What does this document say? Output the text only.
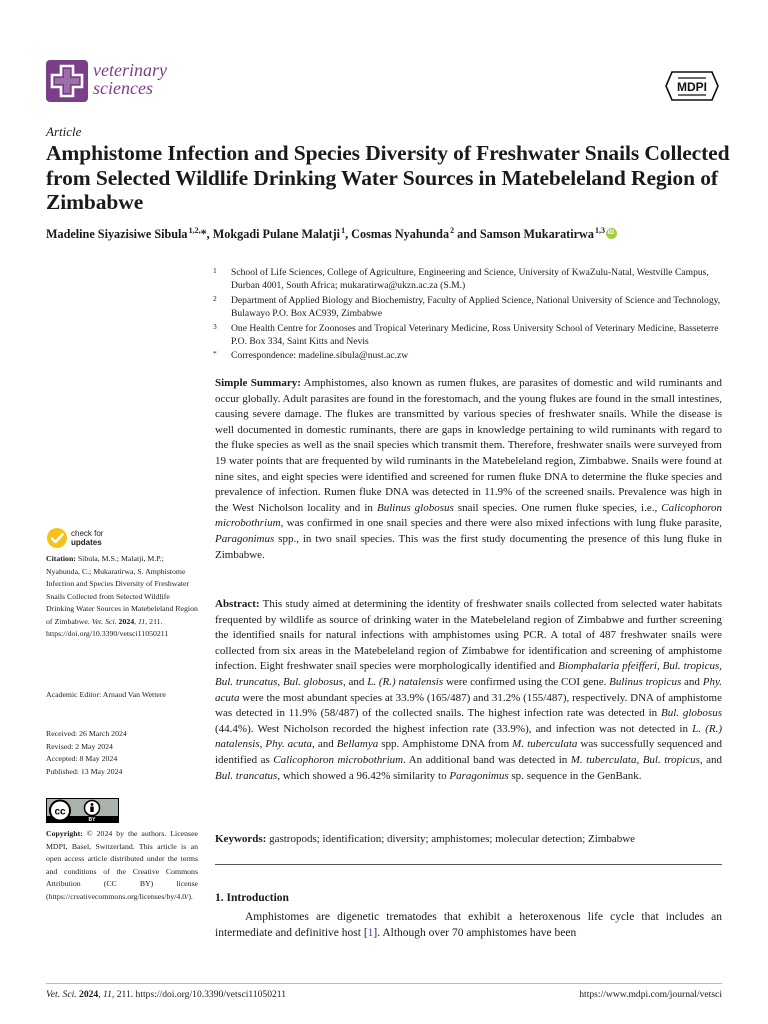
veterinary
sciences	MDPI
Article
Amphistome Infection and Species Diversity of Freshwater Snails Collected from Selected Wildlife Drinking Water Sources in Matebeleland Region of Zimbabwe
Madeline Siyazisiwe Sibula $^{1,2,}$*, Mokgadi Pulane Malatji $^1$, Cosmas Nyahunda $^2$ and Samson Mukaratirwa $^{1,3}$iD
1 School of Life Sciences, College of Agriculture, Engineering and Science, University of KwaZulu-Natal, Westville Campus, Durban 4001, South Africa; mukaratirwa@ukzn.ac.za (S.M.)
2 Department of Applied Biology and Biochemistry, Faculty of Applied Science, National University of Science and Technology, Bulawayo P.O. Box AC939, Zimbabwe
3 One Health Centre for Zoonoses and Tropical Veterinary Medicine, Ross University School of Veterinary Medicine, Basseterre P.O. Box 334, Saint Kitts and Nevis
* Correspondence: madeline.sibula@nust.ac.zw
Simple Summary: Amphistomes, also known as rumen flukes, are parasites of domestic and wild ruminants and occur globally. Adult parasites are found in the forestomach, and the young flukes are found in the small intestines, causing severe damage. The flukes are transmitted by various species of freshwater snails. While the disease is well documented in domestic ruminants, there are gaps in knowledge pertaining to wild ruminants with regard to the fluke species as well as the snail species which transmit them. Therefore, freshwater snails were surveyed from 19 water points that are frequented by wild ruminants in the Matebeleland region, Zimbabwe. Snails were found at nine sites, and eight species were identified and screened for rumen fluke DNA to determine the fluke species and prevalence of infection. Rumen fluke DNA was detected in 11.9% of the screened snails. Prevalence was high in the West Nicholson locality and in Bulinus globosus snail species. One rumen fluke species, i.e., Calicophoron microbothrium, was confirmed in one snail species and there were also mixed infections with lung fluke parasite, Paragonimus spp., in two snail species. This was the first study documenting the presence of this lung fluke in Zimbabwe.
Abstract: This study aimed at determining the identity of freshwater snails collected from selected water habitats frequented by wildlife as source of drinking water in the Matebeleland region of Zimbabwe and further screening the identified snails for natural infections with amphistomes using PCR. A total of 487 freshwater snails were collected from six areas in the Matebeleland region of Zimbabwe for identification and screening of amphistome infection. Eight freshwater snail species were morphologically identified and Biomphalaria pfeifferi, Bul. tropicus, Bul. truncatus, Bul. globosus, and L. (R.) natalensis were confirmed using the COI gene. Bulinus tropicus and Phy. acuta were the most abundant species at 33.9% (165/487) and 31.2% (155/487), respectively. DNA of amphistome was detected in 11.9% (58/487) of the collected snails. The highest infection rate was detected in Bul. globosus (44.4%). West Nicholson recorded the highest infection rate (33.9%), and infection was not detected in L. (R.) natalensis, Phy. acuta, and Bellamya spp. Amphistome DNA from M. tuberculata was successfully sequenced and identified as Calicophoron microbothrium. An additional band was detected in M. tuberculata, Bul. tropicus, and Bul. trancatus, which showed a 96.42% similarity to Paragonimus sp. sequence in the GenBank.
Keywords: gastropods; identification; diversity; amphistomes; molecular detection; Zimbabwe
1. Introduction
Amphistomes are digenetic trematodes that exhibit a heteroxenous life cycle that includes an intermediate and definitive host [1]. Although over 70 amphistomes have been
check for
updates
Citation: Sibula, M.S.; Malatji, M.P.; Nyahunda, C.; Mukaratirwa, S. Amphistome Infection and Species Diversity of Freshwater Snails Collected from Selected Wildlife Drinking Water Sources in Matebeleland Region of Zimbabwe. Vet. Sci. 2024, 11, 211. https://doi.org/10.3390/vetsci11050211
Academic Editor: Arnaud Van Wettere
Received: 26 March 2024
Revised: 2 May 2024
Accepted: 8 May 2024
Published: 13 May 2024
cc
BY
Copyright: © 2024 by the authors. Licensee MDPI, Basel, Switzerland. This article is an open access article distributed under the terms and conditions of the Creative Commons Attribution (CC BY) license (https://creativecommons.org/licenses/by/4.0/).
Vet. Sci. 2024, 11, 211. https://doi.org/10.3390/vetsci11050211	https://www.mdpi.com/journal/vetsci
